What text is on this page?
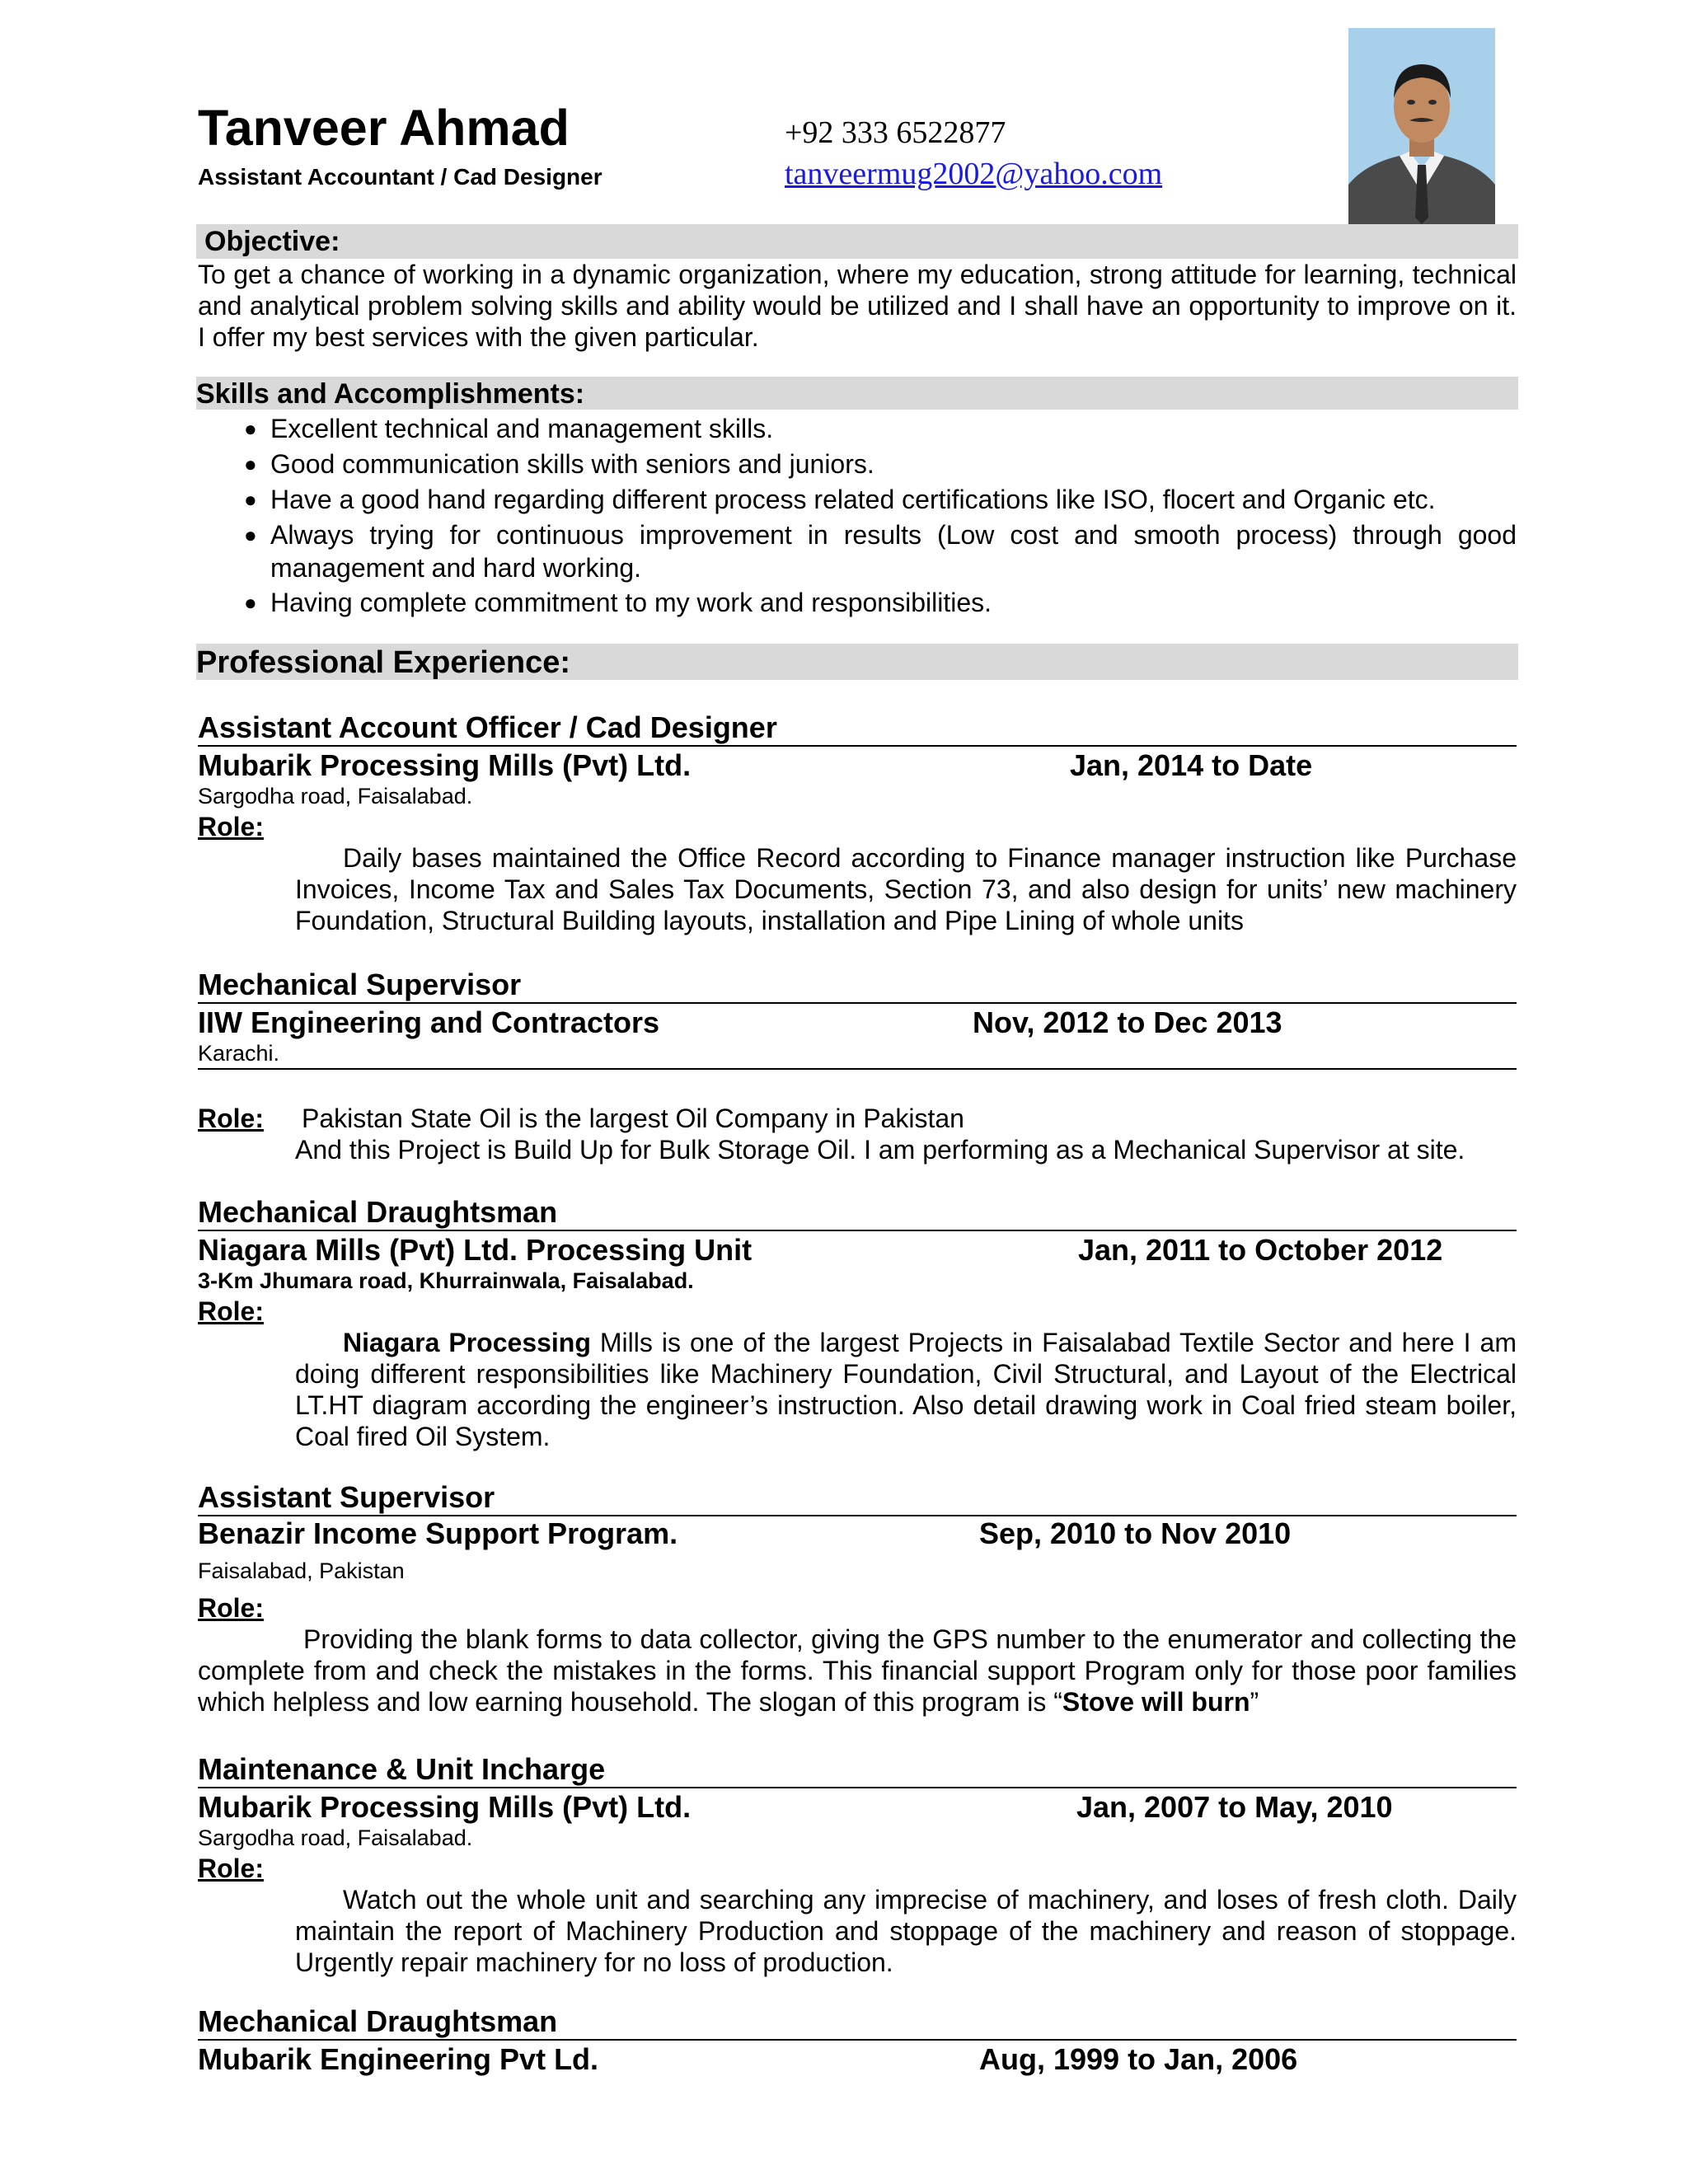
Tanveer Ahmad
Assistant Accountant / Cad Designer
+92 333 6522877
tanveermug2002@yahoo.com
Objective:
To get a chance of working in a dynamic organization, where my education, strong attitude for learning, technical and analytical problem solving skills and ability would be utilized and I shall have an opportunity to improve on it. I offer my best services with the given particular.
Skills and Accomplishments:
● Excellent technical and management skills.
● Good communication skills with seniors and juniors.
● Have a good hand regarding different process related certifications like ISO, flocert and Organic etc.
● Always trying for continuous improvement in results (Low cost and smooth process) through good management and hard working.
● Having complete commitment to my work and responsibilities.
Professional Experience:
Assistant Account Officer / Cad Designer
Mubarik Processing Mills (Pvt) Ltd.	Jan, 2014 to Date
Sargodha road, Faisalabad.
Role:
Daily bases maintained the Office Record according to Finance manager instruction like Purchase Invoices, Income Tax and Sales Tax Documents, Section 73, and also design for units’ new machinery Foundation, Structural Building layouts, installation and Pipe Lining of whole units
Mechanical Supervisor
IIW Engineering and Contractors	Nov, 2012 to Dec 2013
Karachi.
Role: Pakistan State Oil is the largest Oil Company in Pakistan
And this Project is Build Up for Bulk Storage Oil. I am performing as a Mechanical Supervisor at site.
Mechanical Draughtsman
Niagara Mills (Pvt) Ltd. Processing Unit	Jan, 2011 to October 2012
3-Km Jhumara road, Khurrainwala, Faisalabad.
Role:
Niagara Processing Mills is one of the largest Projects in Faisalabad Textile Sector and here I am doing different responsibilities like Machinery Foundation, Civil Structural, and Layout of the Electrical LT.HT diagram according the engineer’s instruction. Also detail drawing work in Coal fried steam boiler, Coal fired Oil System.
Assistant Supervisor
Benazir Income Support Program.	Sep, 2010 to Nov 2010
Faisalabad, Pakistan
Role:
Providing the blank forms to data collector, giving the GPS number to the enumerator and collecting the complete from and check the mistakes in the forms. This financial support Program only for those poor families which helpless and low earning household. The slogan of this program is “Stove will burn”
Maintenance & Unit Incharge
Mubarik Processing Mills (Pvt) Ltd.	Jan, 2007 to May, 2010
Sargodha road, Faisalabad.
Role:
Watch out the whole unit and searching any imprecise of machinery, and loses of fresh cloth. Daily maintain the report of Machinery Production and stoppage of the machinery and reason of stoppage. Urgently repair machinery for no loss of production.
Mechanical Draughtsman
Mubarik Engineering Pvt Ld.	Aug, 1999 to Jan, 2006
